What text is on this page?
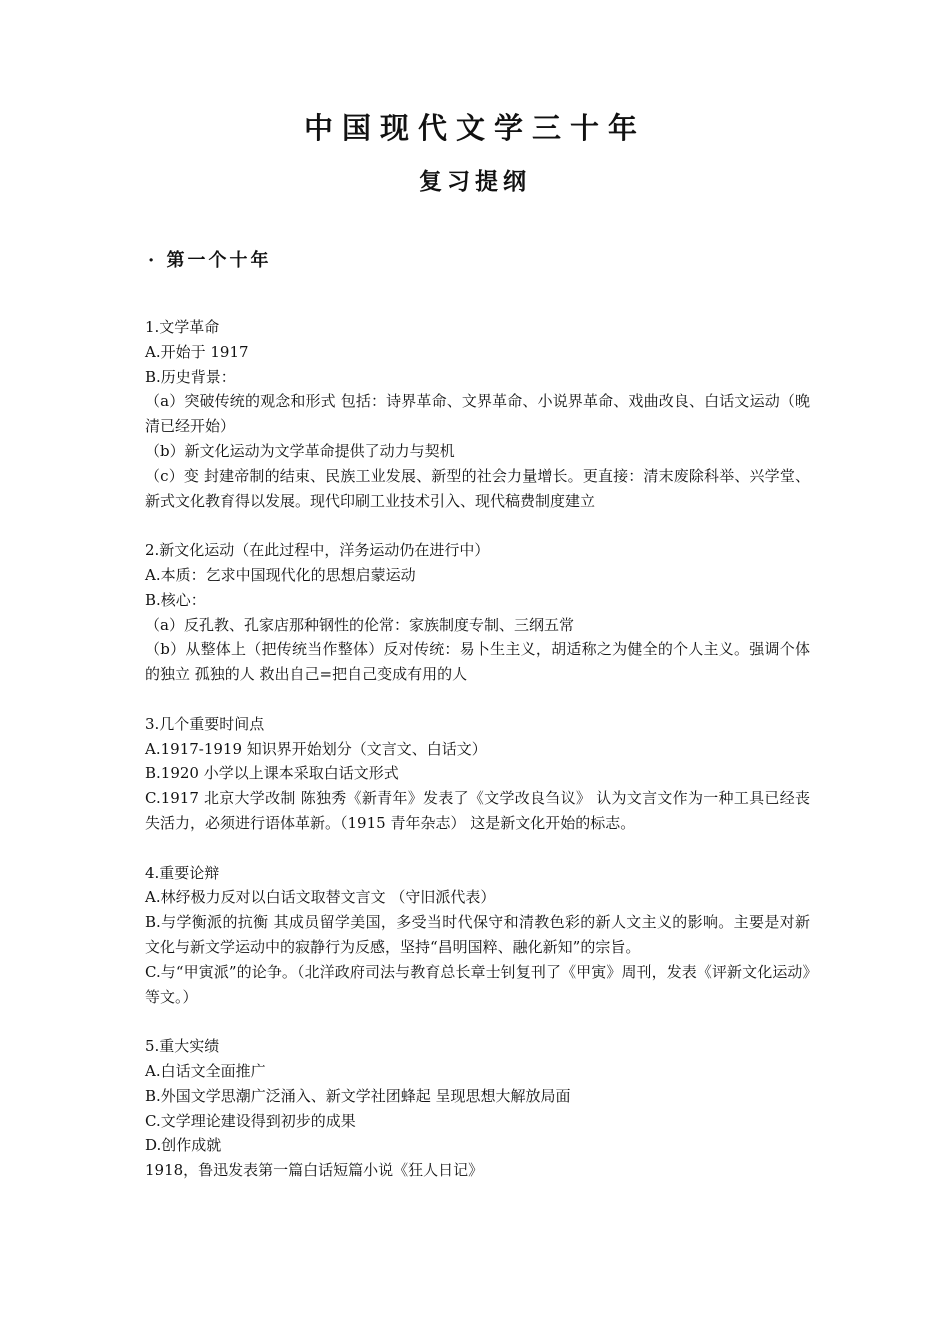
中国现代文学三十年
复习提纲
· 第一个十年
1.文学革命
A.开始于 1917
B.历史背景：
（a）突破传统的观念和形式 包括：诗界革命、文界革命、小说界革命、戏曲改良、白话文运动（晚清已经开始）
（b）新文化运动为文学革命提供了动力与契机
（c）变 封建帝制的结束、民族工业发展、新型的社会力量增长。更直接：清末废除科举、兴学堂、新式文化教育得以发展。现代印刷工业技术引入、现代稿费制度建立
2.新文化运动（在此过程中，洋务运动仍在进行中）
A.本质：乞求中国现代化的思想启蒙运动
B.核心：
（a）反孔教、孔家店那种钢性的伦常：家族制度专制、三纲五常
（b）从整体上（把传统当作整体）反对传统：易卜生主义，胡适称之为健全的个人主义。强调个体的独立 孤独的人 救出自己=把自己变成有用的人
3.几个重要时间点
A.1917-1919 知识界开始划分（文言文、白话文）
B.1920 小学以上课本采取白话文形式
C.1917 北京大学改制 陈独秀《新青年》发表了《文学改良刍议》 认为文言文作为一种工具已经丧失活力，必须进行语体革新。（1915 青年杂志） 这是新文化开始的标志。
4.重要论辩
A.林纾极力反对以白话文取替文言文 （守旧派代表）
B.与学衡派的抗衡 其成员留学美国，多受当时代保守和清教色彩的新人文主义的影响。主要是对新文化与新文学运动中的寂静行为反感，坚持“昌明国粹、融化新知”的宗旨。
C.与“甲寅派”的论争。（北洋政府司法与教育总长章士钊复刊了《甲寅》周刊，发表《评新文化运动》等文。）
5.重大实绩
A.白话文全面推广
B.外国文学思潮广泛涌入、新文学社团蜂起 呈现思想大解放局面
C.文学理论建设得到初步的成果
D.创作成就
1918，鲁迅发表第一篇白话短篇小说《狂人日记》
